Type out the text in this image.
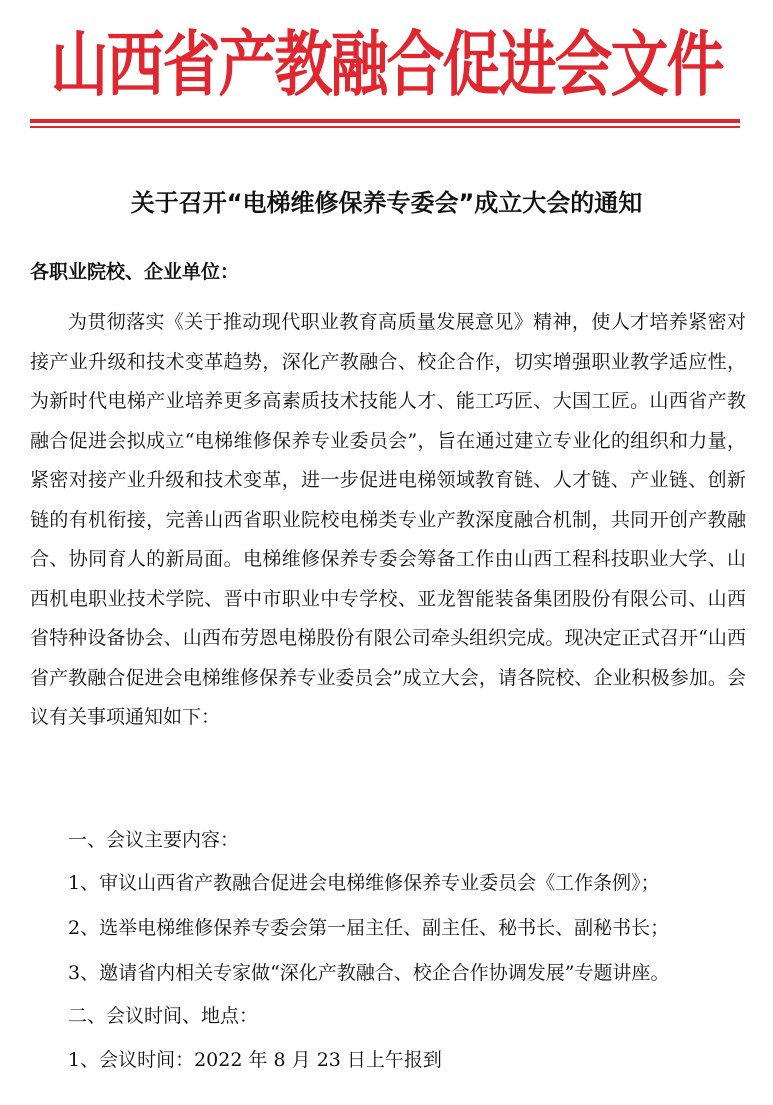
山西省产教融合促进会文件
关于召开“电梯维修保养专委会”成立大会的通知
各职业院校、企业单位：

为贯彻落实《关于推动现代职业教育高质量发展意见》精神，使人才培养紧密对接产业升级和技术变革趋势，深化产教融合、校企合作，切实增强职业教学适应性，为新时代电梯产业培养更多高素质技术技能人才、能工巧匠、大国工匠。山西省产教融合促进会拟成立“电梯维修保养专业委员会”，旨在通过建立专业化的组织和力量，紧密对接产业升级和技术变革，进一步促进电梯领域教育链、人才链、产业链、创新链的有机衔接，完善山西省职业院校电梯类专业产教深度融合机制，共同开创产教融合、协同育人的新局面。电梯维修保养专委会筹备工作由山西工程科技职业大学、山西机电职业技术学院、晋中市职业中专学校、亚龙智能装备集团股份有限公司、山西省特种设备协会、山西布劳恩电梯股份有限公司牵头组织完成。现决定正式召开“山西省产教融合促进会电梯维修保养专业委员会”成立大会，请各院校、企业积极参加。会议有关事项通知如下：

一、会议主要内容：
1、审议山西省产教融合促进会电梯维修保养专业委员会《工作条例》；
2、选举电梯维修保养专委会第一届主任、副主任、秘书长、副秘书长；
3、邀请省内相关专家做“深化产教融合、校企合作协调发展”专题讲座。
二、会议时间、地点：
1、会议时间：2022 年 8 月 23 日上午报到
